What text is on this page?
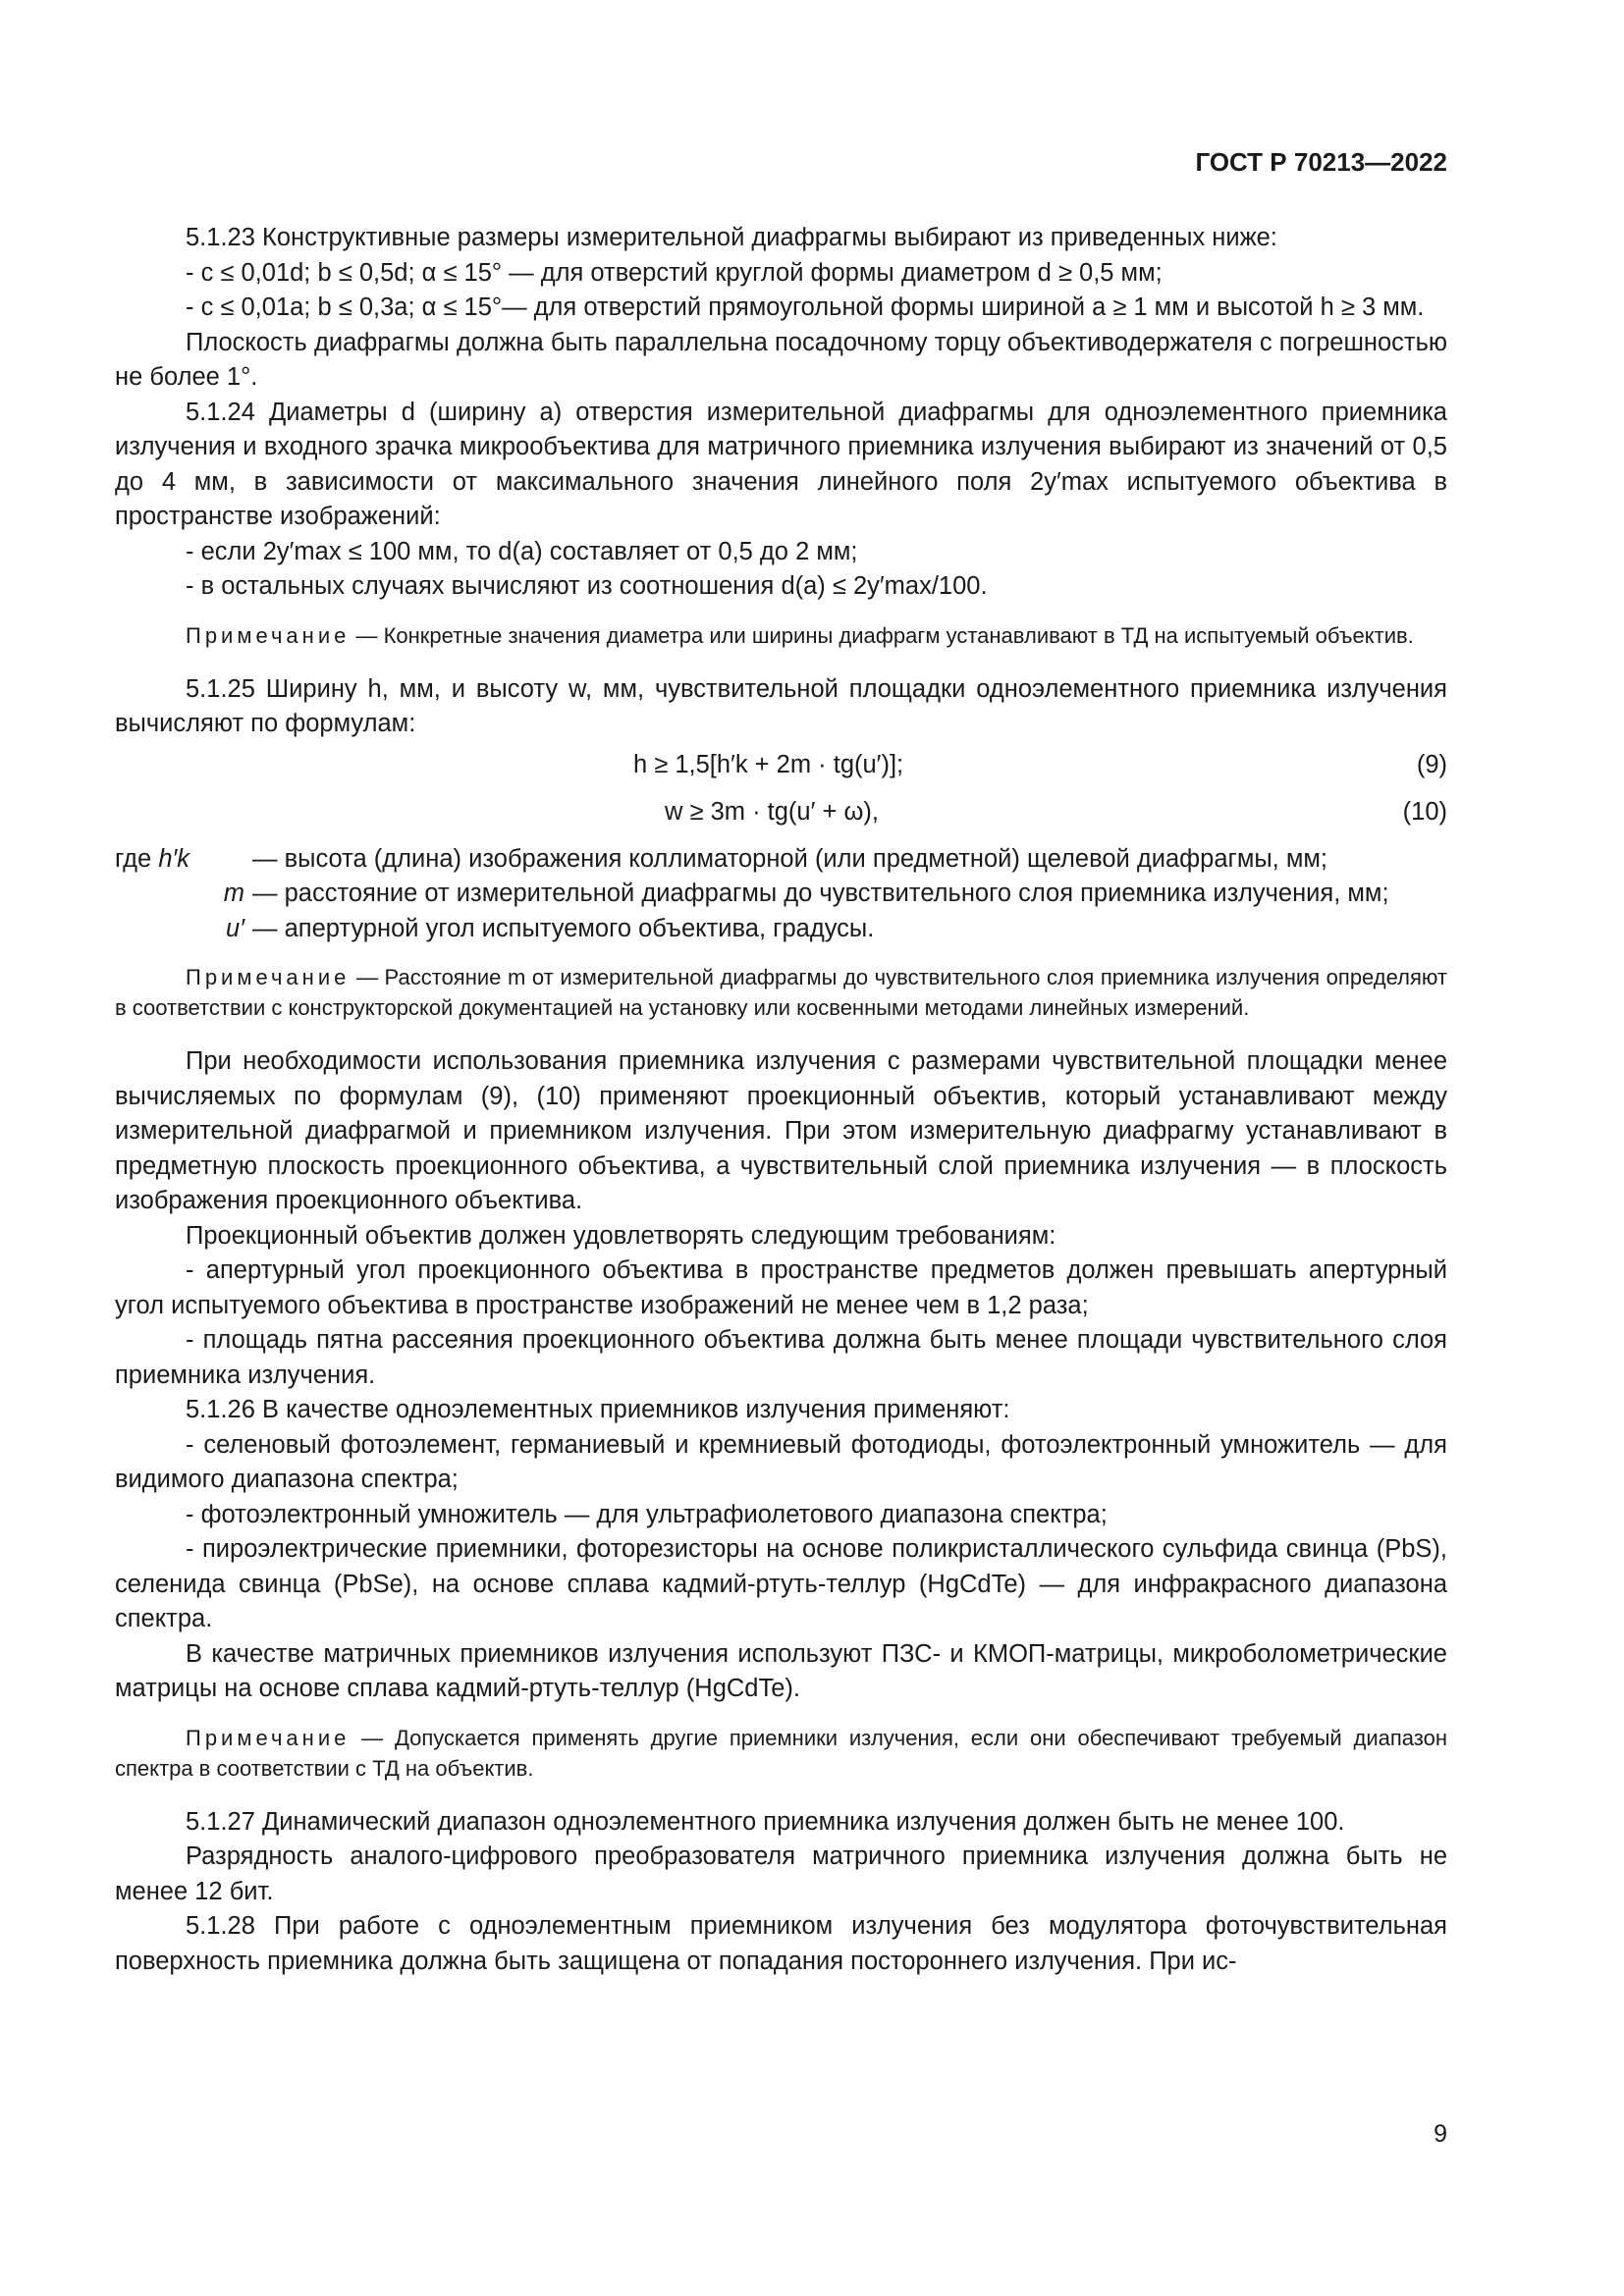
ГОСТ Р 70213—2022

5.1.23 Конструктивные размеры измерительной диафрагмы выбирают из приведенных ниже:

- c ≤ 0,01d; b ≤ 0,5d; α ≤ 15° — для отверстий круглой формы диаметром d ≥ 0,5 мм;

- c ≤ 0,01a; b ≤ 0,3a; α ≤ 15°— для отверстий прямоугольной формы шириной a ≥ 1 мм и высотой h ≥ 3 мм.

Плоскость диафрагмы должна быть параллельна посадочному торцу объективодержателя с погрешностью не более 1°.

5.1.24 Диаметры d (ширину a) отверстия измерительной диафрагмы для одноэлементного приемника излучения и входного зрачка микрообъектива для матричного приемника излучения выбирают из значений от 0,5 до 4 мм, в зависимости от максимального значения линейного поля 2y′max испытуемого объектива в пространстве изображений:

- если 2y′max ≤ 100 мм, то d(a) составляет от 0,5 до 2 мм;

- в остальных случаях вычисляют из соотношения d(a) ≤ 2y′max/100.

Примечание — Конкретные значения диаметра или ширины диафрагм устанавливают в ТД на испытуемый объектив.

5.1.25 Ширину h, мм, и высоту w, мм, чувствительной площадки одноэлементного приемника излучения вычисляют по формулам:

h ≥ 1,5[h′k + 2m · tg(u′)];	(9)
w ≥ 3m · tg(u′ + ω),	(10)
где h′k	— высота (длина) изображения коллиматорной (или предметной) щелевой диафрагмы, мм;
m — расстояние от измерительной диафрагмы до чувствительного слоя приемника излучения, мм;
u′ — апертурной угол испытуемого объектива, градусы.

Примечание — Расстояние m от измерительной диафрагмы до чувствительного слоя приемника излучения определяют в соответствии с конструкторской документацией на установку или косвенными методами линейных измерений.

При необходимости использования приемника излучения с размерами чувствительной площадки менее вычисляемых по формулам (9), (10) применяют проекционный объектив, который устанавливают между измерительной диафрагмой и приемником излучения. При этом измерительную диафрагму устанавливают в предметную плоскость проекционного объектива, а чувствительный слой приемника излучения — в плоскость изображения проекционного объектива.

Проекционный объектив должен удовлетворять следующим требованиям:

- апертурный угол проекционного объектива в пространстве предметов должен превышать апертурный угол испытуемого объектива в пространстве изображений не менее чем в 1,2 раза;

- площадь пятна рассеяния проекционного объектива должна быть менее площади чувствительного слоя приемника излучения.

5.1.26 В качестве одноэлементных приемников излучения применяют:

- селеновый фотоэлемент, германиевый и кремниевый фотодиоды, фотоэлектронный умножитель — для видимого диапазона спектра;

- фотоэлектронный умножитель — для ультрафиолетового диапазона спектра;

- пироэлектрические приемники, фоторезисторы на основе поликристаллического сульфида свинца (PbS), селенида свинца (PbSe), на основе сплава кадмий-ртуть-теллур (HgCdTe) — для инфракрасного диапазона спектра.

В качестве матричных приемников излучения используют ПЗС- и КМОП-матрицы, микроболометрические матрицы на основе сплава кадмий-ртуть-теллур (HgCdTe).

Примечание — Допускается применять другие приемники излучения, если они обеспечивают требуемый диапазон спектра в соответствии с ТД на объектив.

5.1.27 Динамический диапазон одноэлементного приемника излучения должен быть не менее 100.

Разрядность аналого-цифрового преобразователя матричного приемника излучения должна быть не менее 12 бит.

5.1.28 При работе с одноэлементным приемником излучения без модулятора фоточувствительная поверхность приемника должна быть защищена от попадания постороннего излучения. При ис-

9
